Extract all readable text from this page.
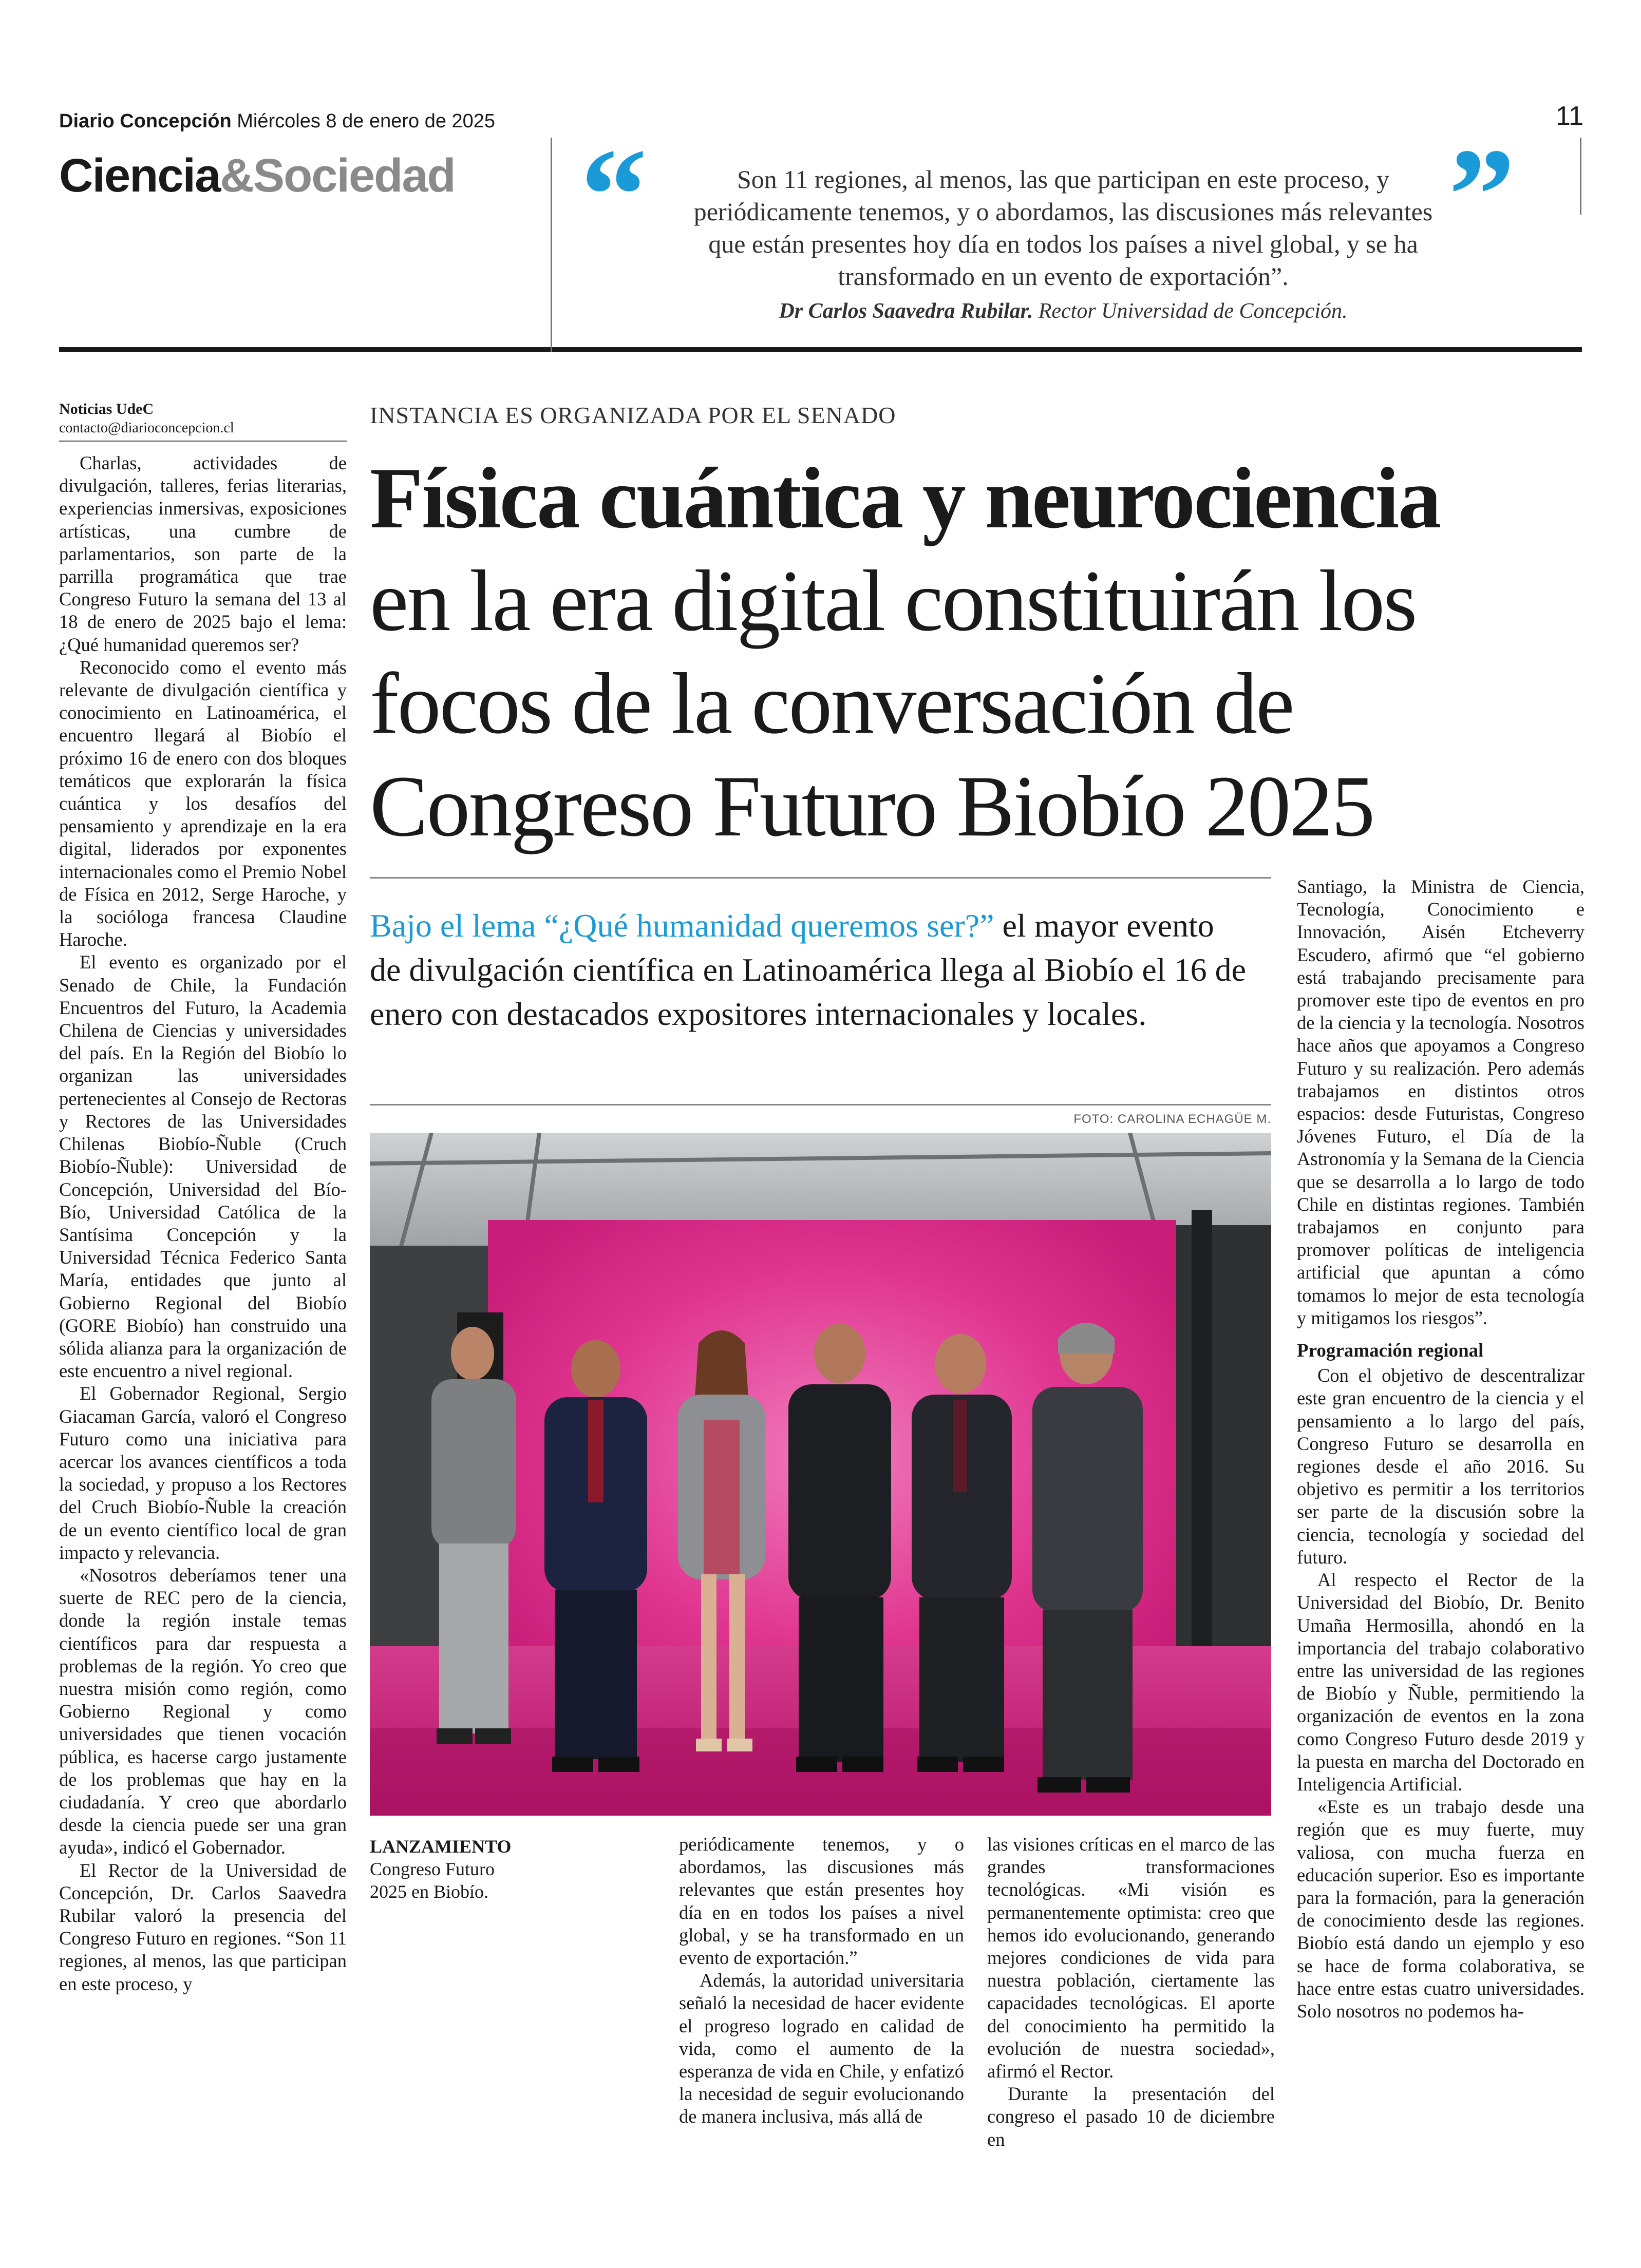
Diario Concepción Miércoles 8 de enero de 2025	11
Ciencia&Sociedad “	”
Son 11 regiones, al menos, las que participan en este proceso, y periódicamente tenemos, y o abordamos, las discusiones más relevantes que están presentes hoy día en todos los países a nivel global, y se ha transformado en un evento de exportación”.
Dr Carlos Saavedra Rubilar. Rector Universidad de Concepción.
Noticias UdeC
contacto@diarioconcepcion.cl	INSTANCIA ES ORGANIZADA POR EL SENADO
Física cuántica y neurociencia
en la era digital constituirán los
focos de la conversación de
Congreso Futuro Biobío 2025
Bajo el lema “¿Qué humanidad queremos ser?” el mayor evento de divulgación científica en Latinoamérica llega al Biobío el 16 de enero con destacados expositores internacionales y locales.
FOTO: CAROLINA ECHAGÜE M.
LANZAMIENTO
Congreso Futuro 2025 en Biobío.

Charlas, actividades de divulgación, talleres, ferias literarias, experiencias inmersivas, exposiciones artísticas, una cumbre de parlamentarios, son parte de la parrilla programática que trae Congreso Futuro la semana del 13 al 18 de enero de 2025 bajo el lema: ¿Qué humanidad queremos ser?

Reconocido como el evento más relevante de divulgación científica y conocimiento en Latinoamérica, el encuentro llegará al Biobío el próximo 16 de enero con dos bloques temáticos que explorarán la física cuántica y los desafíos del pensamiento y aprendizaje en la era digital, liderados por exponentes internacionales como el Premio Nobel de Física en 2012, Serge Haroche, y la socióloga francesa Claudine Haroche.

El evento es organizado por el Senado de Chile, la Fundación Encuentros del Futuro, la Academia Chilena de Ciencias y universidades del país. En la Región del Biobío lo organizan las universidades pertenecientes al Consejo de Rectoras y Rectores de las Universidades Chilenas Biobío-Ñuble (Cruch Biobío-Ñuble): Universidad de Concepción, Universidad del Bío-Bío, Universidad Católica de la Santísima Concepción y la Universidad Técnica Federico Santa María, entidades que junto al Gobierno Regional del Biobío (GORE Biobío) han construido una sólida alianza para la organización de este encuentro a nivel regional.

El Gobernador Regional, Sergio Giacaman García, valoró el Congreso Futuro como una iniciativa para acercar los avances científicos a toda la sociedad, y propuso a los Rectores del Cruch Biobío-Ñuble la creación de un evento científico local de gran impacto y relevancia.

«Nosotros deberíamos tener una suerte de REC pero de la ciencia, donde la región instale temas científicos para dar respuesta a problemas de la región. Yo creo que nuestra misión como región, como Gobierno Regional y como universidades que tienen vocación pública, es hacerse cargo justamente de los problemas que hay en la ciudadanía. Y creo que abordarlo desde la ciencia puede ser una gran ayuda», indicó el Gobernador.

El Rector de la Universidad de Concepción, Dr. Carlos Saavedra Rubilar valoró la presencia del Congreso Futuro en regiones. “Son 11 regiones, al menos, las que participan en este proceso, y

periódicamente tenemos, y o abordamos, las discusiones más relevantes que están presentes hoy día en en todos los países a nivel global, y se ha transformado en un evento de exportación.”

Además, la autoridad universitaria señaló la necesidad de hacer evidente el progreso logrado en calidad de vida, como el aumento de la esperanza de vida en Chile, y enfatizó la necesidad de seguir evolucionando de manera inclusiva, más allá de

las visiones críticas en el marco de las grandes transformaciones tecnológicas. «Mi visión es permanentemente optimista: creo que hemos ido evolucionando, generando mejores condiciones de vida para nuestra población, ciertamente las capacidades tecnológicas. El aporte del conocimiento ha permitido la evolución de nuestra sociedad», afirmó el Rector.

Durante la presentación del congreso el pasado 10 de diciembre en

Santiago, la Ministra de Ciencia, Tecnología, Conocimiento e Innovación, Aisén Etcheverry Escudero, afirmó que “el gobierno está trabajando precisamente para promover este tipo de eventos en pro de la ciencia y la tecnología. Nosotros hace años que apoyamos a Congreso Futuro y su realización. Pero además trabajamos en distintos otros espacios: desde Futuristas, Congreso Jóvenes Futuro, el Día de la Astronomía y la Semana de la Ciencia que se desarrolla a lo largo de todo Chile en distintas regiones. También trabajamos en conjunto para promover políticas de inteligencia artificial que apuntan a cómo tomamos lo mejor de esta tecnología y mitigamos los riesgos”.

Programación regional

Con el objetivo de descentralizar este gran encuentro de la ciencia y el pensamiento a lo largo del país, Congreso Futuro se desarrolla en regiones desde el año 2016. Su objetivo es permitir a los territorios ser parte de la discusión sobre la ciencia, tecnología y sociedad del futuro.

Al respecto el Rector de la Universidad del Biobío, Dr. Benito Umaña Hermosilla, ahondó en la importancia del trabajo colaborativo entre las universidad de las regiones de Biobío y Ñuble, permitiendo la organización de eventos en la zona como Congreso Futuro desde 2019 y la puesta en marcha del Doctorado en Inteligencia Artificial.

«Este es un trabajo desde una región que es muy fuerte, muy valiosa, con mucha fuerza en educación superior. Eso es importante para la formación, para la generación de conocimiento desde las regiones. Biobío está dando un ejemplo y eso se hace de forma colaborativa, se hace entre estas cuatro universidades. Solo nosotros no podemos ha-
